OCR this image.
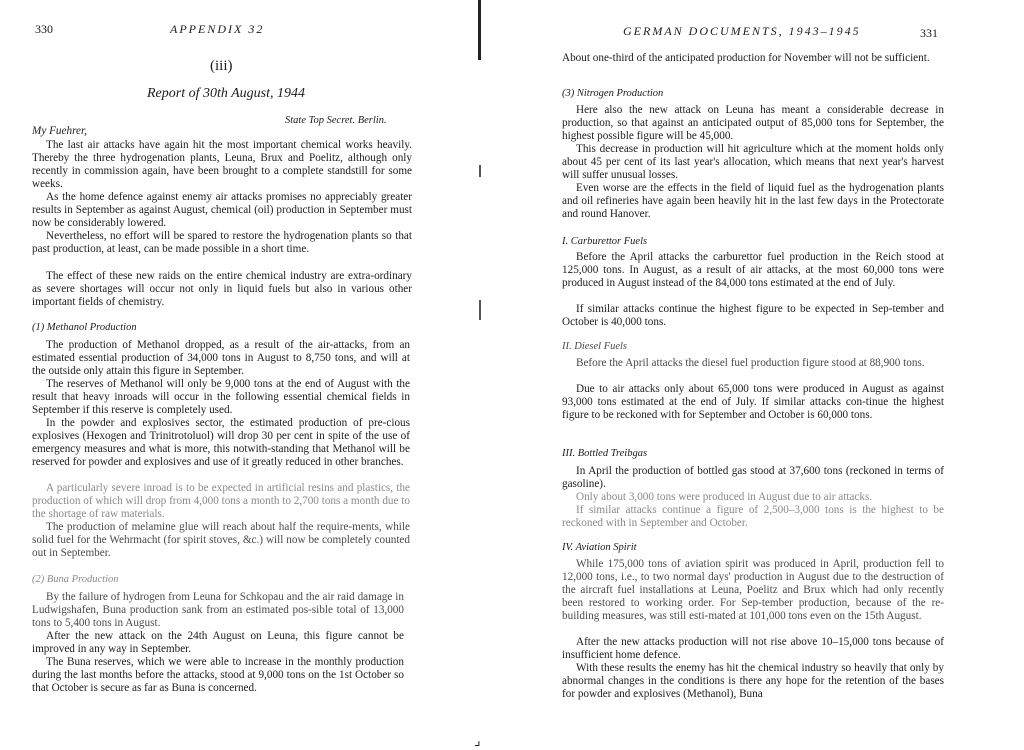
330	APPENDIX 32
(iii)
Report of 30th August, 1944
State Top Secret. Berlin.
My Fuehrer,
The last air attacks have again hit the most important chemical works heavily. Thereby the three hydrogenation plants, Leuna, Brux and Poelitz, although only recently in commission again, have been brought to a complete standstill for some weeks.
As the home defence against enemy air attacks promises no appreciably greater results in September as against August, chemical (oil) production in September must now be considerably lowered.
Nevertheless, no effort will be spared to restore the hydrogenation plants so that past production, at least, can be made possible in a short time.
The effect of these new raids on the entire chemical industry are extra-ordinary as severe shortages will occur not only in liquid fuels but also in various other important fields of chemistry.
(1) Methanol Production
The production of Methanol dropped, as a result of the air-attacks, from an estimated essential production of 34,000 tons in August to 8,750 tons, and will at the outside only attain this figure in September.
The reserves of Methanol will only be 9,000 tons at the end of August with the result that heavy inroads will occur in the following essential chemical fields in September if this reserve is completely used.
In the powder and explosives sector, the estimated production of pre-cious explosives (Hexogen and Trinitrotoluol) will drop 30 per cent in spite of the use of emergency measures and what is more, this notwith-standing that Methanol will be reserved for powder and explosives and use of it greatly reduced in other branches.
A particularly severe inroad is to be expected in artificial resins and plastics, the production of which will drop from 4,000 tons a month to 2,700 tons a month due to the shortage of raw materials.
The production of melamine glue will reach about half the require-ments, while solid fuel for the Wehrmacht (for spirit stoves, &c.) will now be completely counted out in September.
(2) Buna Production
By the failure of hydrogen from Leuna for Schkopau and the air raid damage in Ludwigshafen, Buna production sank from an estimated pos-sible total of 13,000 tons to 5,400 tons in August.
After the new attack on the 24th August on Leuna, this figure cannot be improved in any way in September.
The Buna reserves, which we were able to increase in the monthly production during the last months before the attacks, stood at 9,000 tons on the 1st October so that October is secure as far as Buna is concerned.
⌟
GERMAN DOCUMENTS, 1943–1945	331
About one-third of the anticipated production for November will not be sufficient.
(3) Nitrogen Production
Here also the new attack on Leuna has meant a considerable decrease in production, so that against an anticipated output of 85,000 tons for September, the highest possible figure will be 45,000.
This decrease in production will hit agriculture which at the moment holds only about 45 per cent of its last year's allocation, which means that next year's harvest will suffer unusual losses.
Even worse are the effects in the field of liquid fuel as the hydrogenation plants and oil refineries have again been heavily hit in the last few days in the Protectorate and round Hanover.
I. Carburettor Fuels
Before the April attacks the carburettor fuel production in the Reich stood at 125,000 tons. In August, as a result of air attacks, at the most 60,000 tons were produced in August instead of the 84,000 tons estimated at the end of July.
If similar attacks continue the highest figure to be expected in Sep-tember and October is 40,000 tons.
II. Diesel Fuels
Before the April attacks the diesel fuel production figure stood at 88,900 tons.
Due to air attacks only about 65,000 tons were produced in August as against 93,000 tons estimated at the end of July. If similar attacks con-tinue the highest figure to be reckoned with for September and October is 60,000 tons.
III. Bottled Treibgas
In April the production of bottled gas stood at 37,600 tons (reckoned in terms of gasoline).
Only about 3,000 tons were produced in August due to air attacks.
If similar attacks continue a figure of 2,500–3,000 tons is the highest to be reckoned with in September and October.
IV. Aviation Spirit
While 175,000 tons of aviation spirit was produced in April, production fell to 12,000 tons, i.e., to two normal days' production in August due to the destruction of the aircraft fuel installations at Leuna, Poelitz and Brux which had only recently been restored to working order. For Sep-tember production, because of the re-building measures, was still esti-mated at 101,000 tons even on the 15th August.
After the new attacks production will not rise above 10–15,000 tons because of insufficient home defence.
With these results the enemy has hit the chemical industry so heavily that only by abnormal changes in the conditions is there any hope for the retention of the bases for powder and explosives (Methanol), Buna
